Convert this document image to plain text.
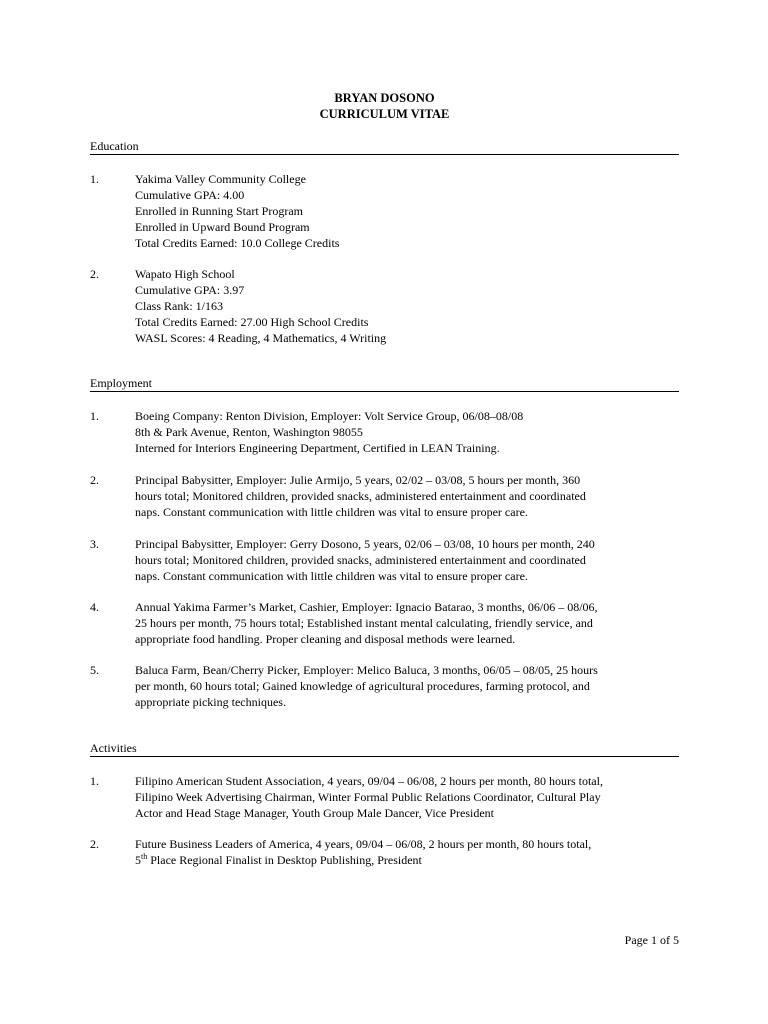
BRYAN DOSONO
CURRICULUM VITAE
Education
1.	Yakima Valley Community College
Cumulative GPA: 4.00
Enrolled in Running Start Program
Enrolled in Upward Bound Program
Total Credits Earned: 10.0 College Credits
2.	Wapato High School
Cumulative GPA: 3.97
Class Rank: 1/163
Total Credits Earned: 27.00 High School Credits
WASL Scores: 4 Reading, 4 Mathematics, 4 Writing
Employment
1.	Boeing Company: Renton Division, Employer: Volt Service Group, 06/08–08/08
8th & Park Avenue, Renton, Washington 98055
Interned for Interiors Engineering Department, Certified in LEAN Training.
2.	Principal Babysitter, Employer: Julie Armijo, 5 years, 02/02 – 03/08, 5 hours per month, 360
hours total; Monitored children, provided snacks, administered entertainment and coordinated
naps. Constant communication with little children was vital to ensure proper care.
3.	Principal Babysitter, Employer: Gerry Dosono, 5 years, 02/06 – 03/08, 10 hours per month, 240
hours total; Monitored children, provided snacks, administered entertainment and coordinated
naps. Constant communication with little children was vital to ensure proper care.
4.	Annual Yakima Farmer’s Market, Cashier, Employer: Ignacio Batarao, 3 months, 06/06 – 08/06,
25 hours per month, 75 hours total; Established instant mental calculating, friendly service, and
appropriate food handling. Proper cleaning and disposal methods were learned.
5.	Baluca Farm, Bean/Cherry Picker, Employer: Melico Baluca, 3 months, 06/05 – 08/05, 25 hours
per month, 60 hours total; Gained knowledge of agricultural procedures, farming protocol, and
appropriate picking techniques.
Activities
1.	Filipino American Student Association, 4 years, 09/04 – 06/08, 2 hours per month, 80 hours total,
Filipino Week Advertising Chairman, Winter Formal Public Relations Coordinator, Cultural Play
Actor and Head Stage Manager, Youth Group Male Dancer, Vice President
2.	Future Business Leaders of America, 4 years, 09/04 – 06/08, 2 hours per month, 80 hours total,
5th Place Regional Finalist in Desktop Publishing, President
Page 1 of 5
